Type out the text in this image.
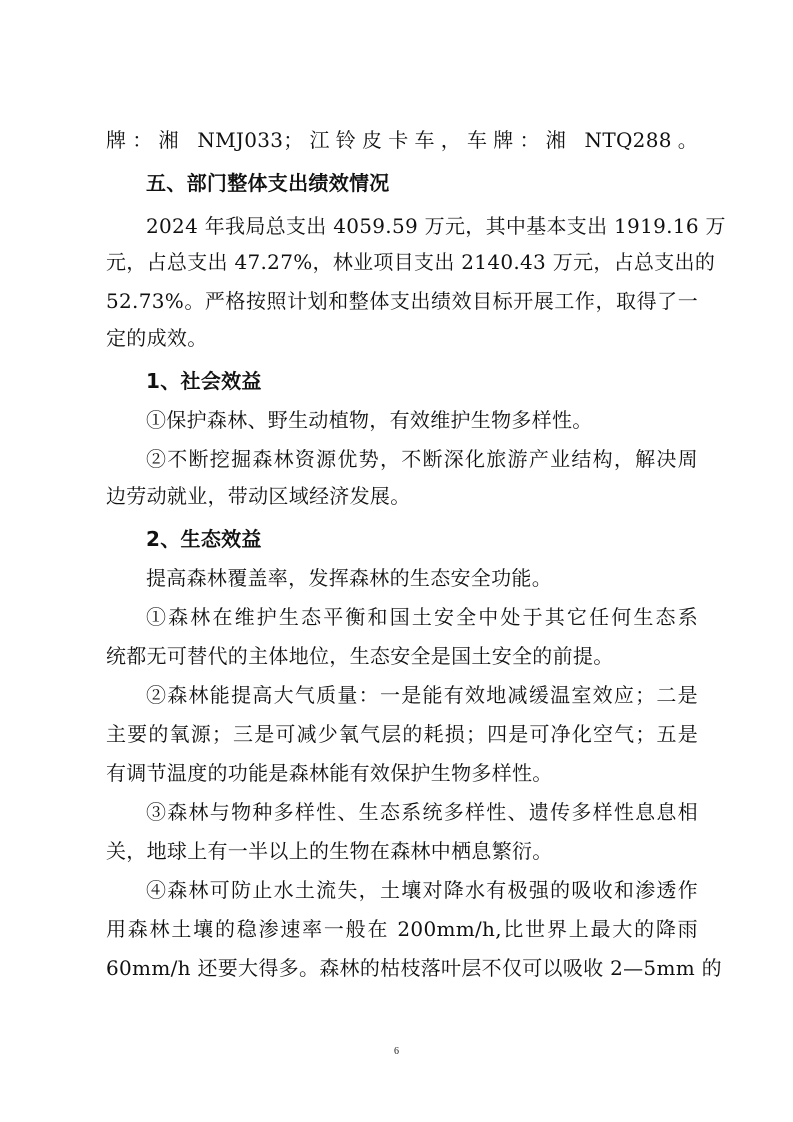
牌：湘 NMJ033；江铃皮卡车，车牌：湘 NTQ288。
五、部门整体支出绩效情况
2024 年我局总支出 4059.59 万元，其中基本支出 1919.16 万
元，占总支出 47.27%，林业项目支出 2140.43 万元，占总支出的
52.73%。严格按照计划和整体支出绩效目标开展工作，取得了一
定的成效。
1、社会效益
①保护森林、野生动植物，有效维护生物多样性。
②不断挖掘森林资源优势，不断深化旅游产业结构，解决周
边劳动就业，带动区域经济发展。
2、生态效益
提高森林覆盖率，发挥森林的生态安全功能。
①森林在维护生态平衡和国土安全中处于其它任何生态系
统都无可替代的主体地位，生态安全是国土安全的前提。
②森林能提高大气质量：一是能有效地减缓温室效应；二是
主要的氧源；三是可减少氧气层的耗损；四是可净化空气；五是
有调节温度的功能是森林能有效保护生物多样性。
③森林与物种多样性、生态系统多样性、遗传多样性息息相
关，地球上有一半以上的生物在森林中栖息繁衍。
④森林可防止水土流失，土壤对降水有极强的吸收和渗透作
用森林土壤的稳渗速率一般在 200mm/h,比世界上最大的降雨
60mm/h 还要大得多。森林的枯枝落叶层不仅可以吸收 2—5mm 的
6
